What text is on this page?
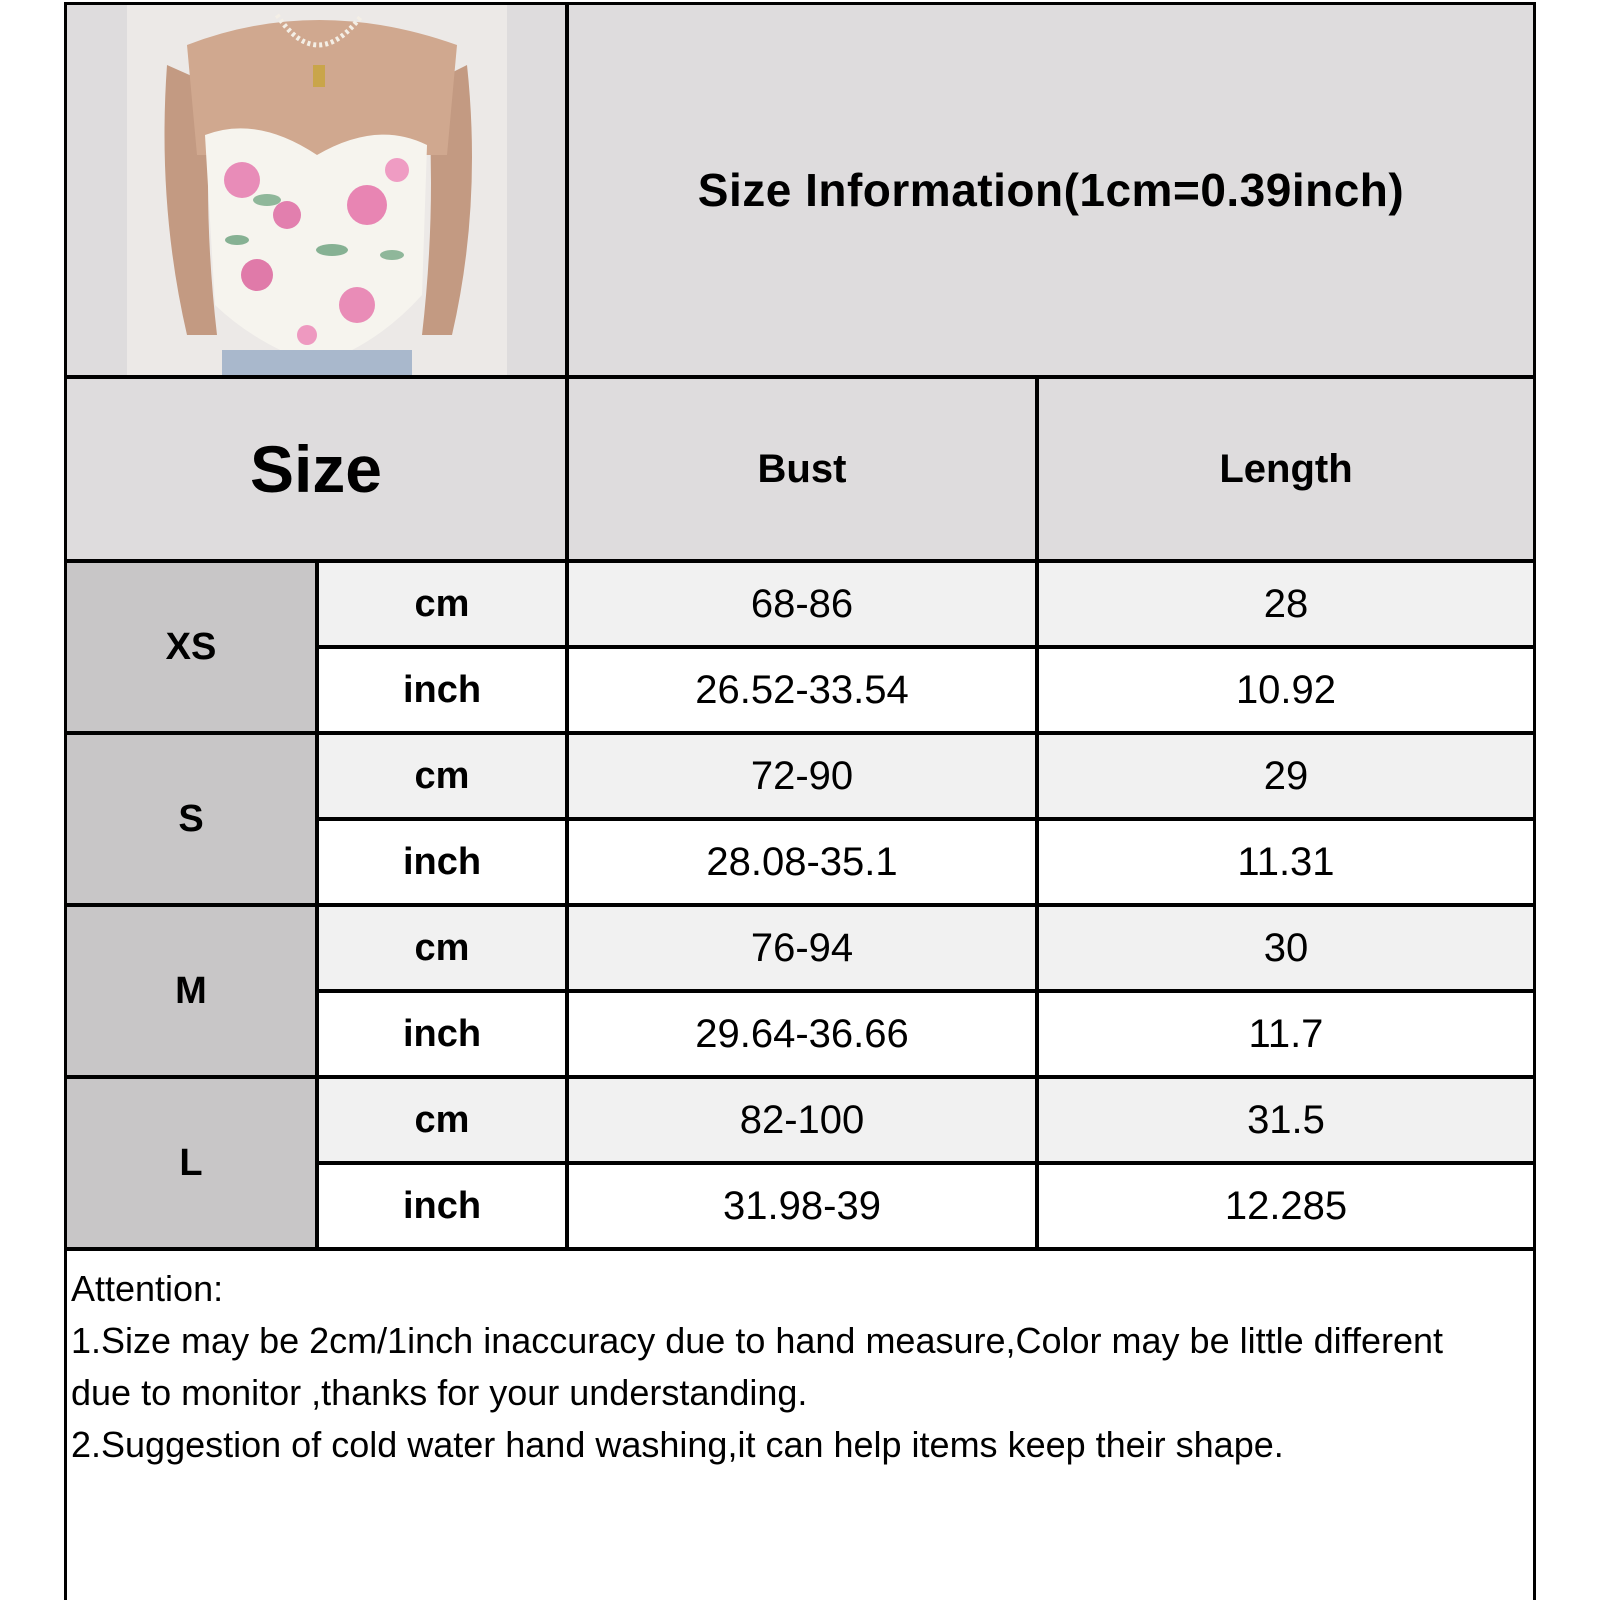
Size Information(1cm=0.39inch)
Size	Bust	Length
XS
cm	68-86	28
inch	26.52-33.54	10.92
S
cm	72-90	29
inch	28.08-35.1	11.31
M
cm	76-94	30
inch	29.64-36.66	11.7
L
cm	82-100	31.5
inch	31.98-39	12.285
Attention:
1.Size may be 2cm/1inch inaccuracy due to hand measure,Color may be little different due to monitor ,thanks for your understanding.
2.Suggestion of cold water hand washing,it can help items keep their shape.
